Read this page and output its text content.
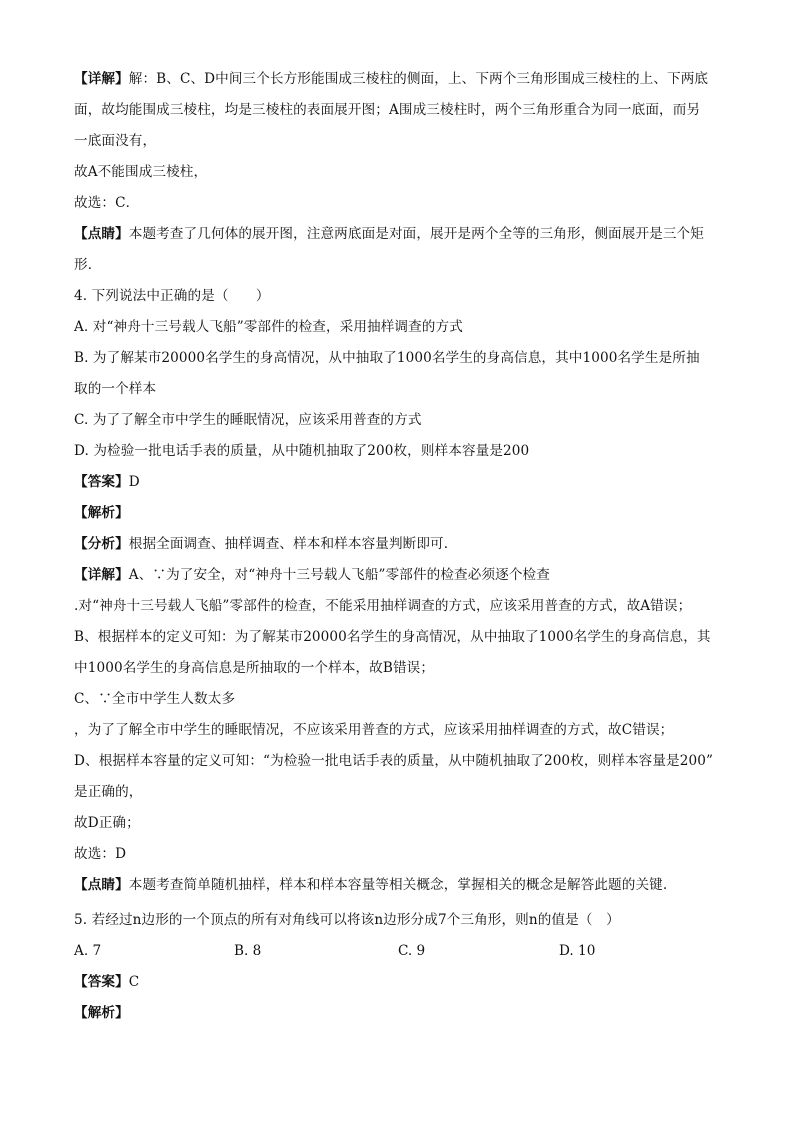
【详解】解：B、C、D中间三个长方形能围成三棱柱的侧面，上、下两个三角形围成三棱柱的上、下两底
面，故均能围成三棱柱，均是三棱柱的表面展开图；A围成三棱柱时，两个三角形重合为同一底面，而另
一底面没有，
故A不能围成三棱柱，
故选：C．
【点睛】本题考查了几何体的展开图，注意两底面是对面，展开是两个全等的三角形，侧面展开是三个矩
形．
4. 下列说法中正确的是（　　）
A. 对“神舟十三号载人飞船”零部件的检查，采用抽样调查的方式
B. 为了解某市20000名学生的身高情况，从中抽取了1000名学生的身高信息，其中1000名学生是所抽
取的一个样本
C. 为了了解全市中学生的睡眠情况，应该采用普查的方式
D. 为检验一批电话手表的质量，从中随机抽取了200枚，则样本容量是200
【答案】D
【解析】
【分析】根据全面调查、抽样调查、样本和样本容量判断即可.
【详解】A、∵为了安全，对“神舟十三号载人飞船”零部件的检查必须逐个检查
.对“神舟十三号载人飞船”零部件的检查，不能采用抽样调查的方式，应该采用普查的方式，故A错误；
B、根据样本的定义可知：为了解某市20000名学生的身高情况，从中抽取了1000名学生的身高信息，其
中1000名学生的身高信息是所抽取的一个样本，故B错误；
C、∵全市中学生人数太多
，为了了解全市中学生的睡眠情况，不应该采用普查的方式，应该采用抽样调查的方式，故C错误；
D、根据样本容量的定义可知：“为检验一批电话手表的质量，从中随机抽取了200枚，则样本容量是200”
是正确的，
故D正确；
故选：D
【点睛】本题考查简单随机抽样，样本和样本容量等相关概念，掌握相关的概念是解答此题的关键.
5. 若经过n边形的一个顶点的所有对角线可以将该n边形分成7个三角形，则n的值是（　）
A. 7	B. 8	C. 9	D. 10
【答案】C
【解析】
